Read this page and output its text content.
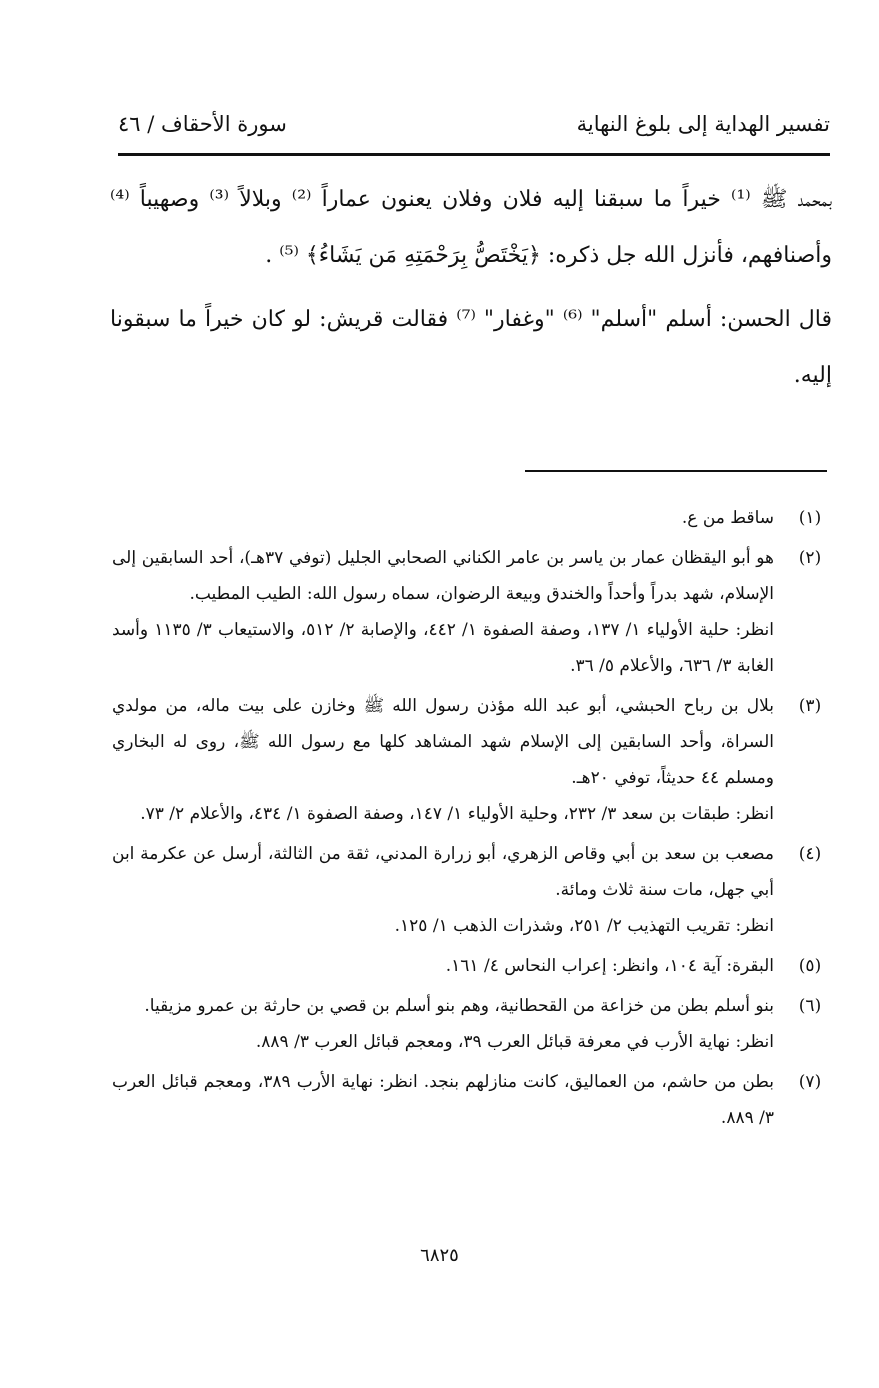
تفسير الهداية إلى بلوغ النهاية
سورة الأحقاف / ٤٦

بمحمد ﷺ ⁽¹⁾ خيراً ما سبقنا إليه فلان وفلان يعنون عماراً ⁽²⁾ وبلالاً ⁽³⁾ وصهيباً ⁽⁴⁾ وأصنافهم، فأنزل الله جل ذكره: ﴿يَخْتَصُّ بِرَحْمَتِهِ مَن يَشَاءُ﴾ ⁽⁵⁾ .

قال الحسن: أسلم "أسلم" ⁽⁶⁾ "وغفار" ⁽⁷⁾ فقالت قريش: لو كان خيراً ما سبقونا إليه.

(١)
ساقط من ع.
(٢)
هو أبو اليقظان عمار بن ياسر بن عامر الكناني الصحابي الجليل (توفي ٣٧هـ)، أحد السابقين إلى الإسلام، شهد بدراً وأحداً والخندق وبيعة الرضوان، سماه رسول الله: الطيب المطيب.
انظر: حلية الأولياء ١/ ١٣٧، وصفة الصفوة ١/ ٤٤٢، والإصابة ٢/ ٥١٢، والاستيعاب ٣/ ١١٣٥ وأسد الغابة ٣/ ٦٣٦، والأعلام ٥/ ٣٦.
(٣)
بلال بن رباح الحبشي، أبو عبد الله مؤذن رسول الله ﷺ وخازن على بيت ماله، من مولدي السراة، وأحد السابقين إلى الإسلام شهد المشاهد كلها مع رسول الله ﷺ، روى له البخاري ومسلم ٤٤ حديثاً، توفي ٢٠هـ.
انظر: طبقات بن سعد ٣/ ٢٣٢، وحلية الأولياء ١/ ١٤٧، وصفة الصفوة ١/ ٤٣٤، والأعلام ٢/ ٧٣.
(٤)
مصعب بن سعد بن أبي وقاص الزهري، أبو زرارة المدني، ثقة من الثالثة، أرسل عن عكرمة ابن أبي جهل، مات سنة ثلاث ومائة.
انظر: تقريب التهذيب ٢/ ٢٥١، وشذرات الذهب ١/ ١٢٥.
(٥)
البقرة: آية ١٠٤، وانظر: إعراب النحاس ٤/ ١٦١.
(٦)
بنو أسلم بطن من خزاعة من القحطانية، وهم بنو أسلم بن قصي بن حارثة بن عمرو مزيقيا.
انظر: نهاية الأرب في معرفة قبائل العرب ٣٩، ومعجم قبائل العرب ٣/ ٨٨٩.
(٧)
بطن من حاشم، من العماليق، كانت منازلهم بنجد. انظر: نهاية الأرب ٣٨٩، ومعجم قبائل العرب ٣/ ٨٨٩.
٦٨٢٥
